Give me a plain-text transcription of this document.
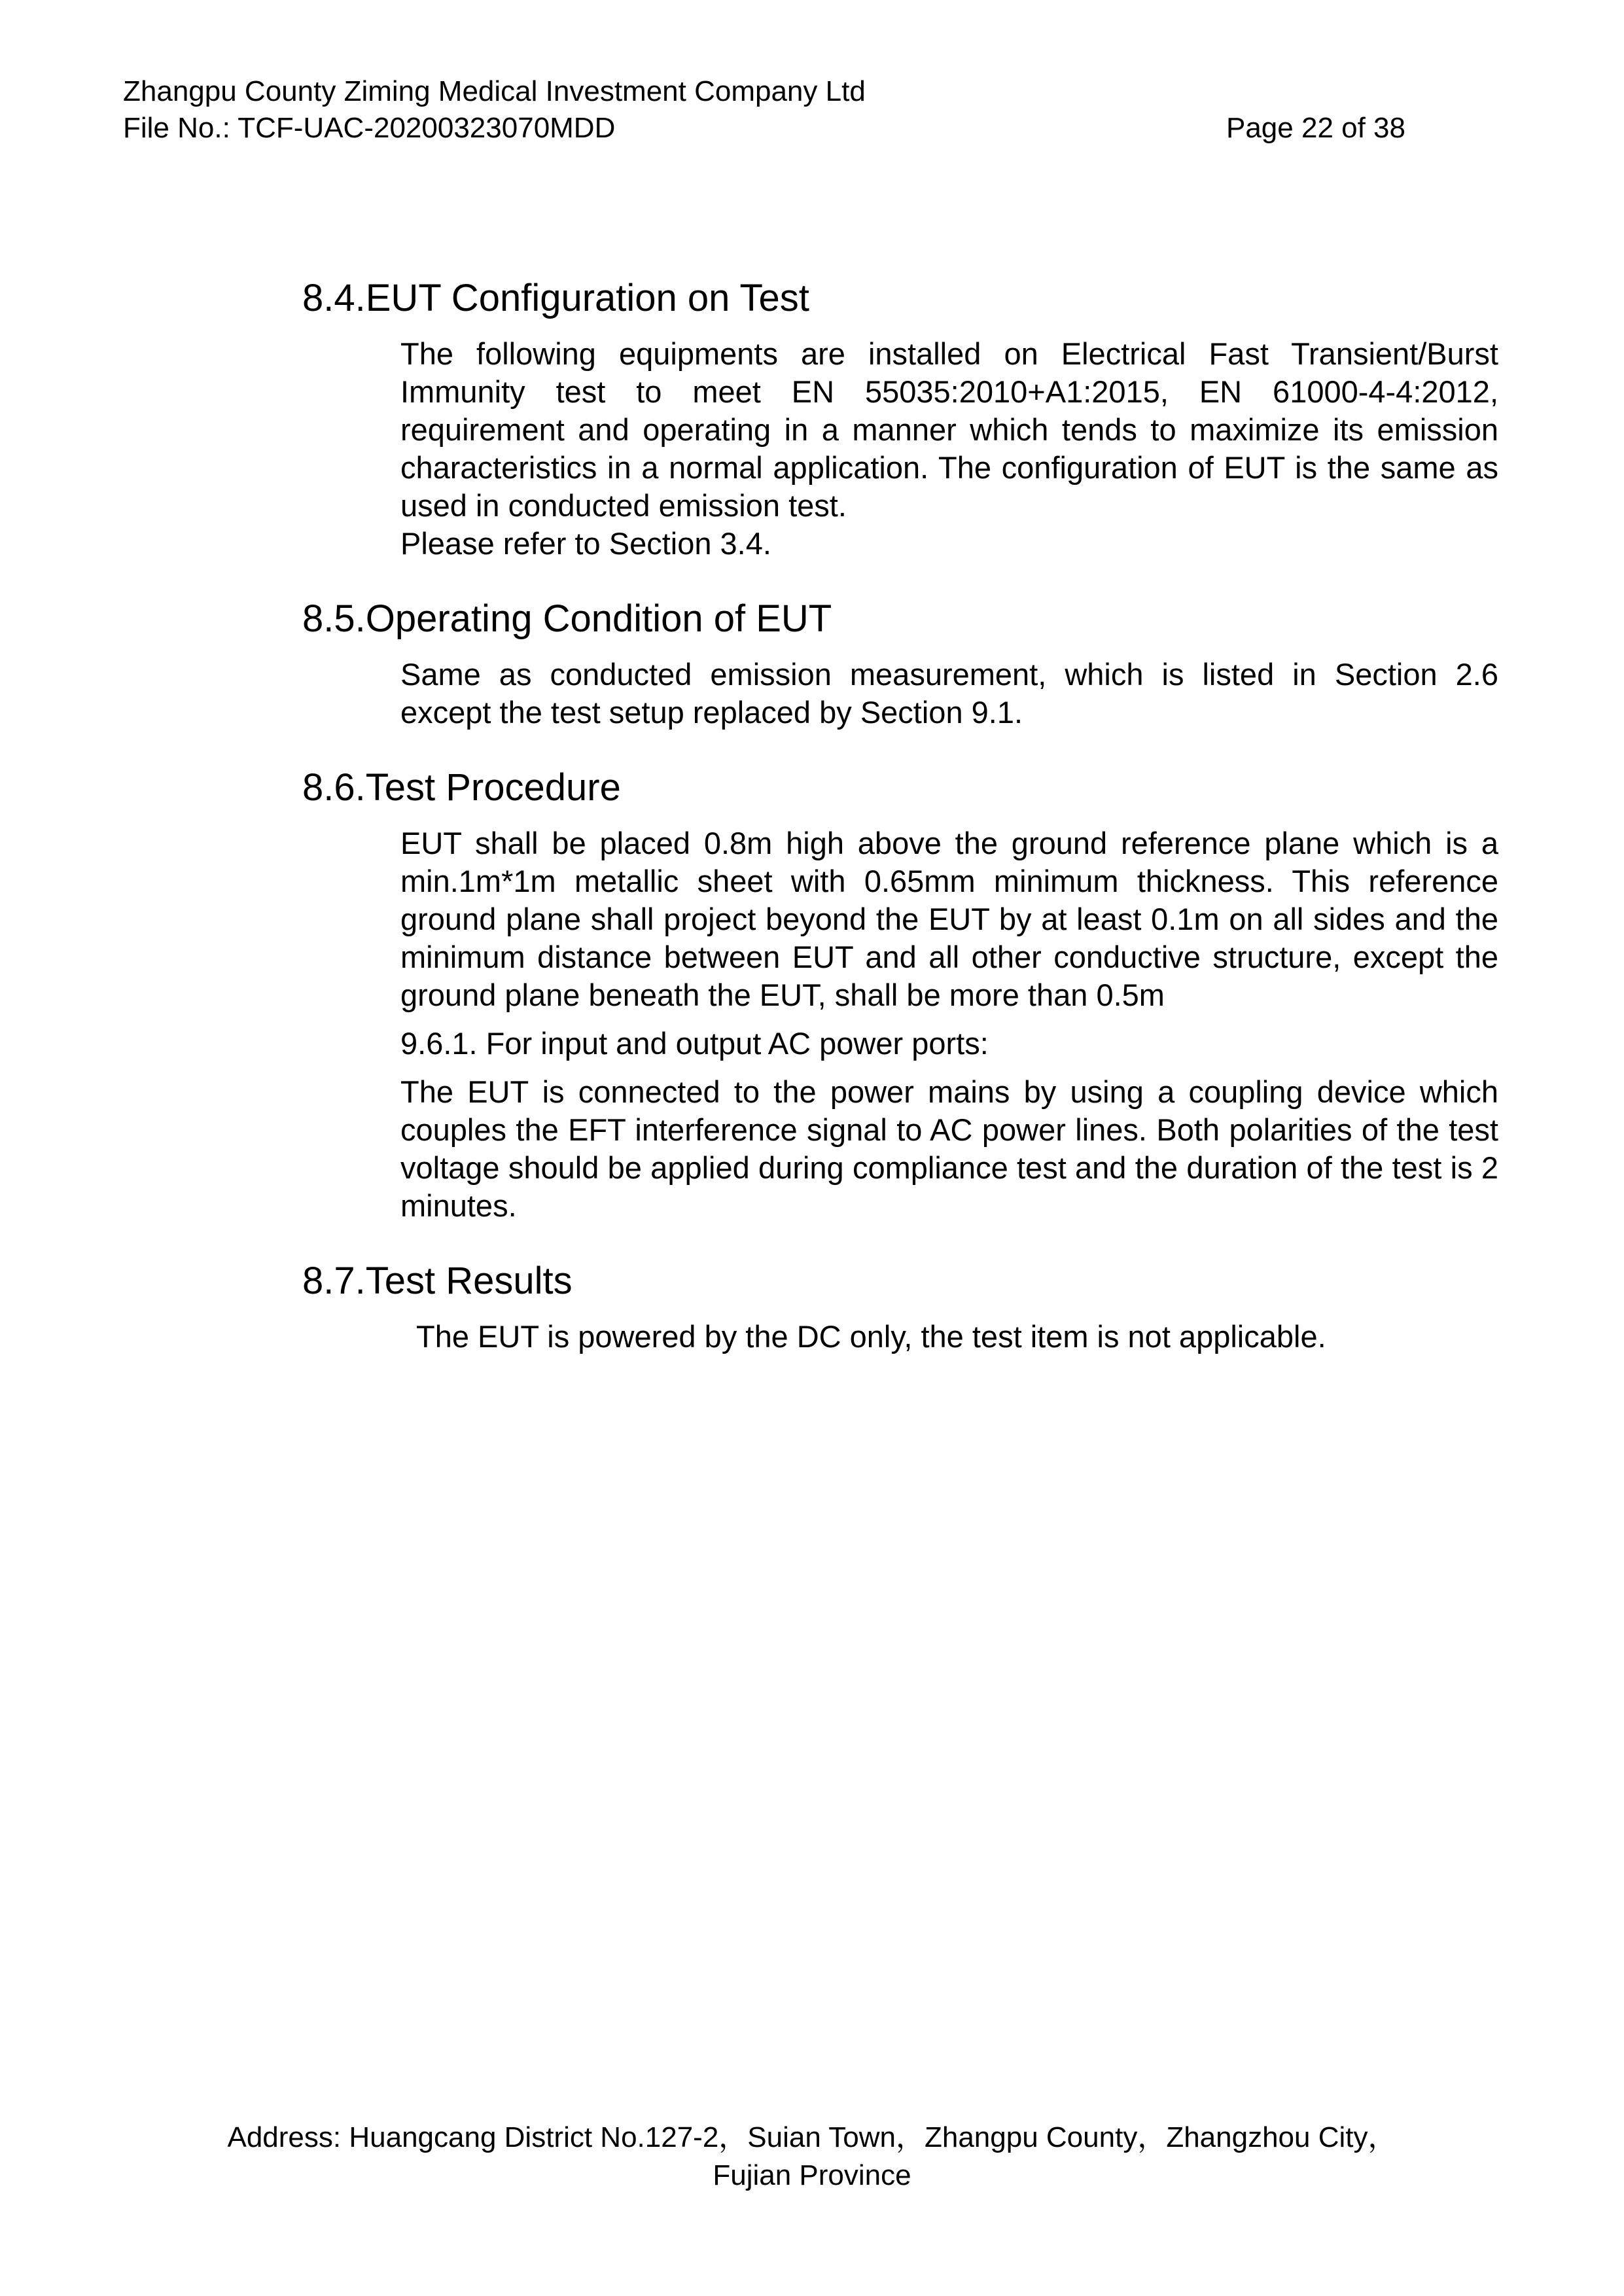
Zhangpu County Ziming Medical Investment Company Ltd
File No.: TCF-UAC-20200323070MDD	Page 22 of 38
8.4.EUT Configuration on Test

The following equipments are installed on Electrical Fast Transient/Burst Immunity test to meet EN 55035:2010+A1:2015, EN 61000-4-4:2012, requirement and operating in a manner which tends to maximize its emission characteristics in a normal application. The configuration of EUT is the same as used in conducted emission test.

Please refer to Section 3.4.

8.5.Operating Condition of EUT

Same as conducted emission measurement, which is listed in Section 2.6 except the test setup replaced by Section 9.1.

8.6.Test Procedure

EUT shall be placed 0.8m high above the ground reference plane which is a min.1m*1m metallic sheet with 0.65mm minimum thickness. This reference ground plane shall project beyond the EUT by at least 0.1m on all sides and the minimum distance between EUT and all other conductive structure, except the ground plane beneath the EUT, shall be more than 0.5m

9.6.1. For input and output AC power ports:

The EUT is connected to the power mains by using a coupling device which couples the EFT interference signal to AC power lines. Both polarities of the test voltage should be applied during compliance test and the duration of the test is 2 minutes.

8.7.Test Results
The EUT is powered by the DC only, the test item is not applicable.
Address: Huangcang District No.127-2，Suian Town，Zhangpu County，Zhangzhou City，
Fujian Province
